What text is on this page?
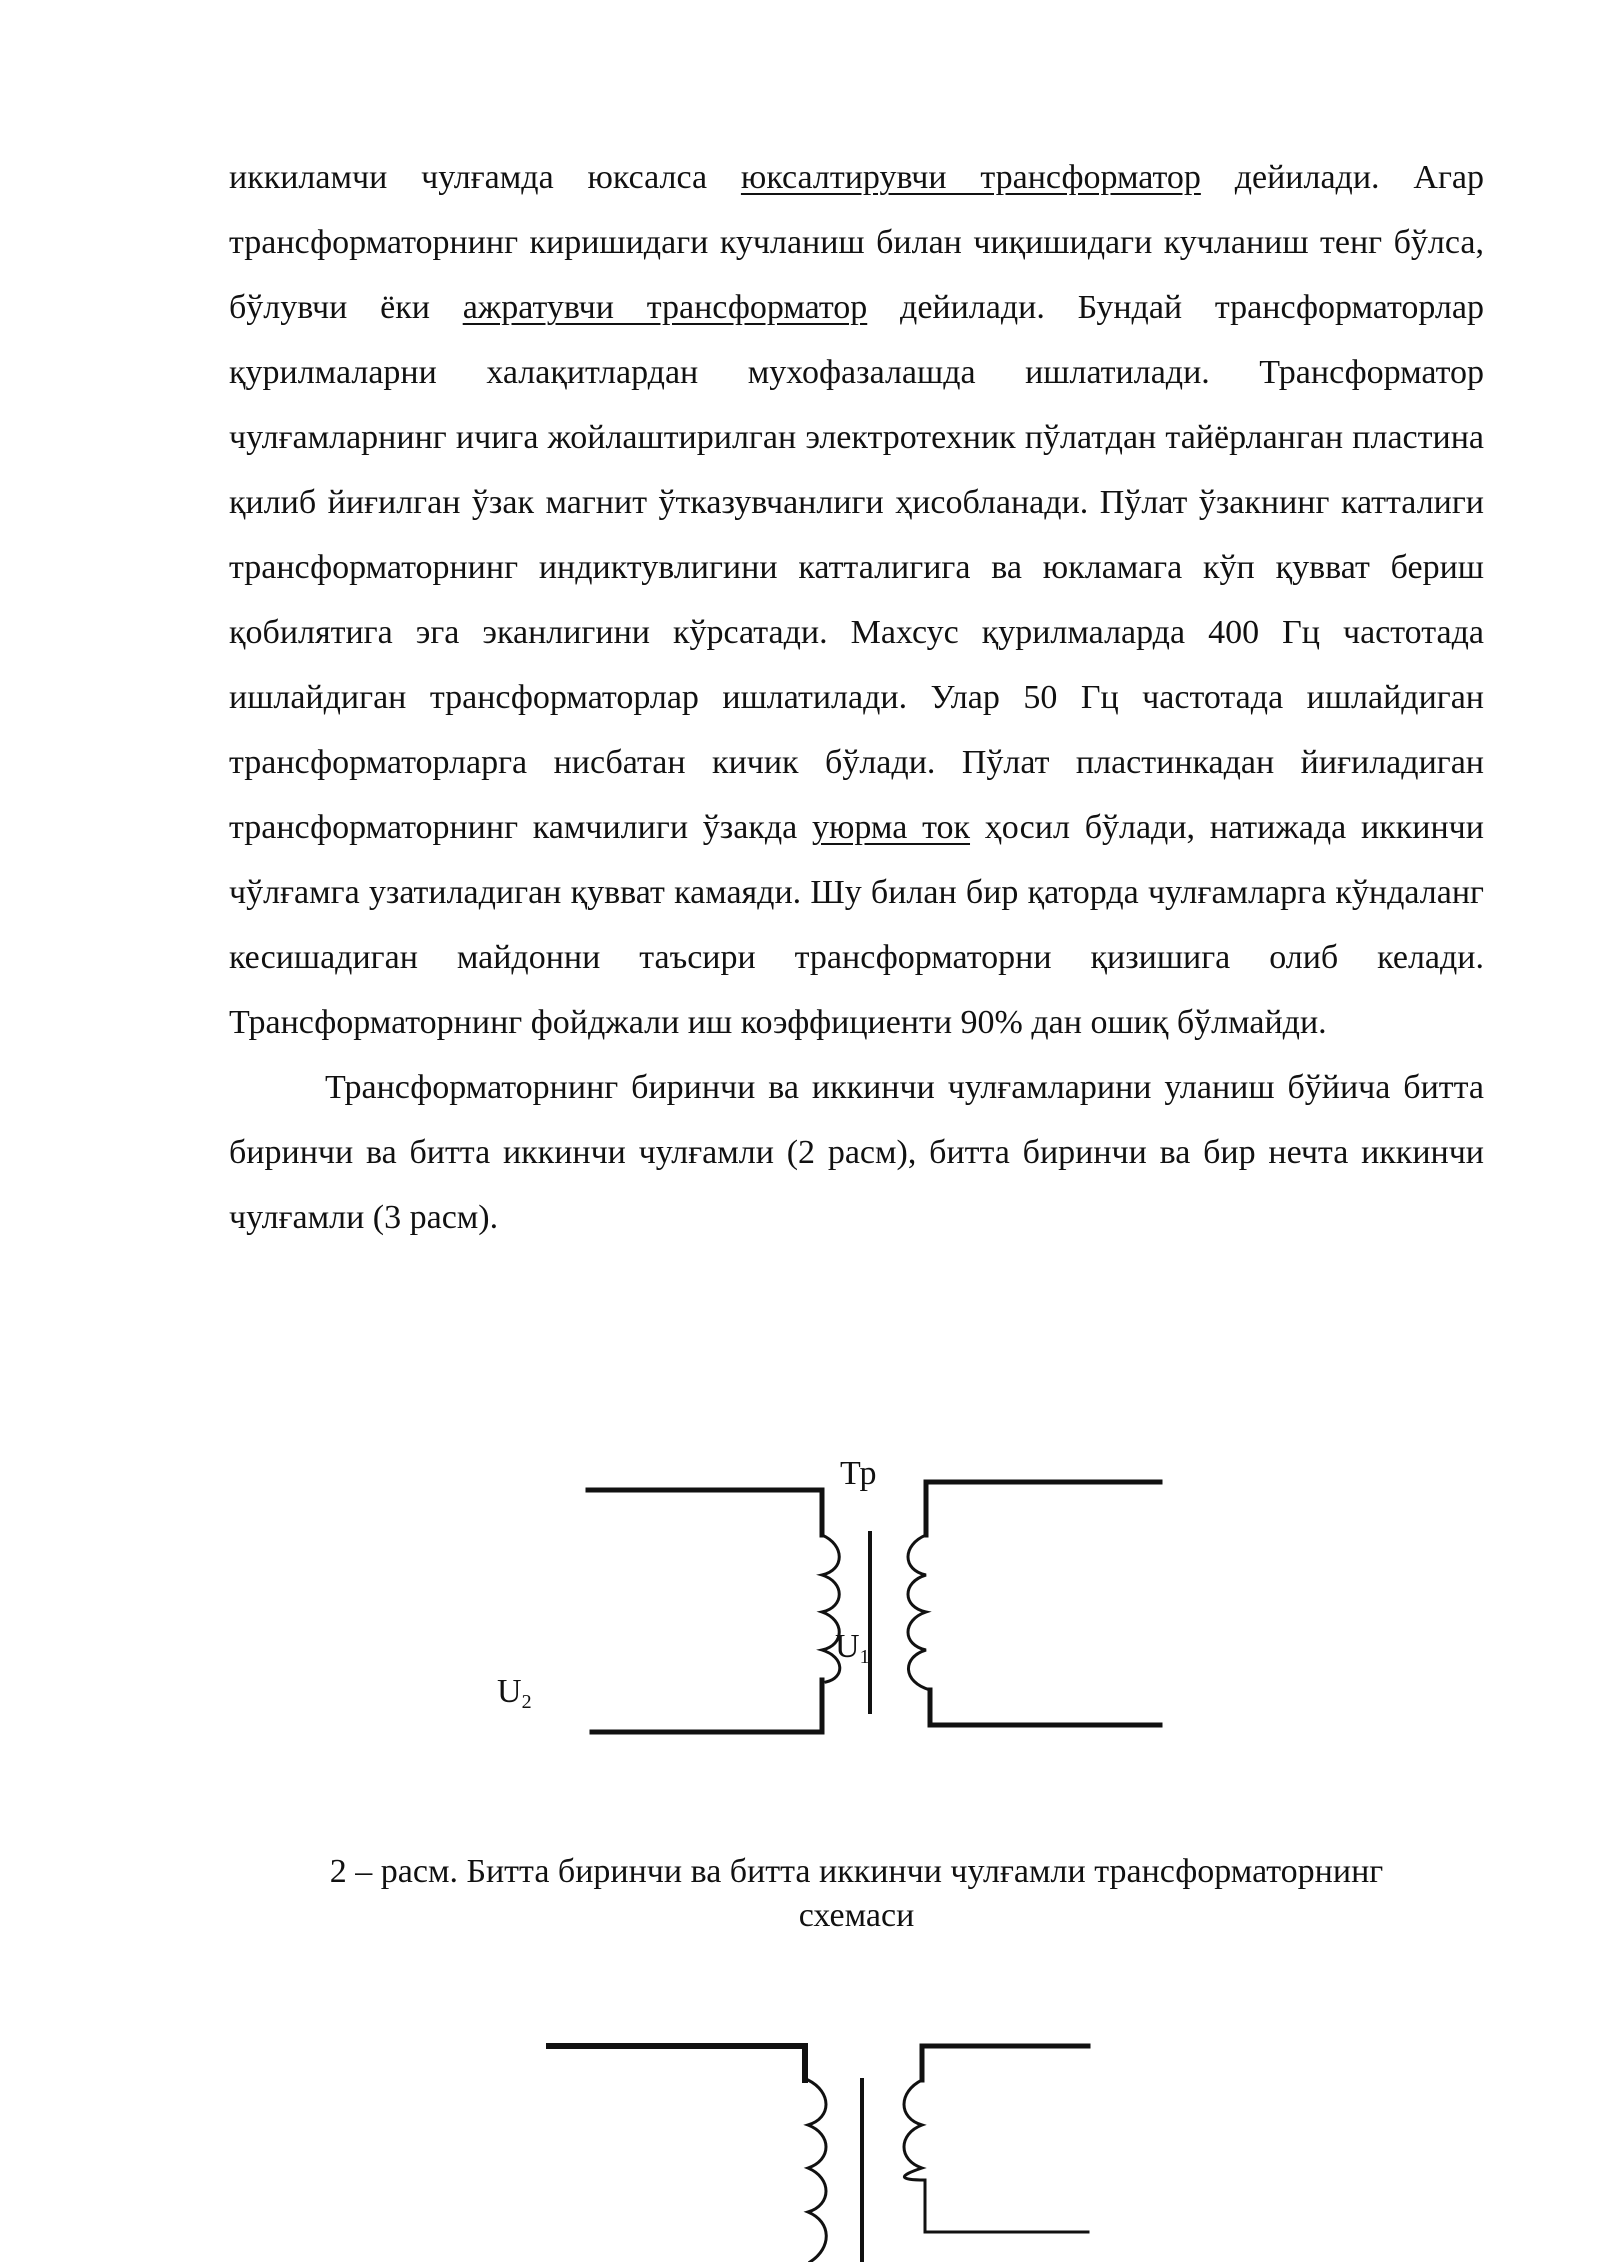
иккиламчи чулғамда юксалса юксалтирувчи трансформатор дейилади. Агар трансформаторнинг киришидаги кучланиш билан чиқишидаги кучланиш тенг бўлса, бўлувчи ёки ажратувчи трансформатор дейилади. Бундай трансформаторлар қурилмаларни халақитлардан мухофазалашда ишлатилади. Трансформатор чулғамларнинг ичига жойлаштирилган электротехник пўлатдан тайёрланган пластина қилиб йиғилган ўзак магнит ўтказувчанлиги ҳисобланади. Пўлат ўзакнинг катталиги трансформаторнинг индиктувлигини катталигига ва юкламага кўп қувват бериш қобилятига эга эканлигини кўрсатади. Махсус қурилмаларда 400 Гц частотада ишлайдиган трансформаторлар ишлатилади. Улар 50 Гц частотада ишлайдиган трансформаторларга нисбатан кичик бўлади. Пўлат пластинкадан йиғиладиган трансформаторнинг камчилиги ўзакда уюрма ток ҳосил бўлади, натижада иккинчи чўлғамга узатиладиган қувват камаяди. Шу билан бир қаторда чулғамларга кўндаланг кесишадиган майдонни таъсири трансформаторни қизишига олиб келади. Трансформаторнинг фойджали иш коэффициенти 90% дан ошиқ бўлмайди.

Трансформаторнинг биринчи ва иккинчи чулғамларини уланиш бўйича битта биринчи ва битта иккинчи чулғамли (2 расм), битта биринчи ва бир нечта иккинчи чулғамли (3 расм).

Тр
$U_1$
$U_2$
2 – расм. Битта биринчи ва битта иккинчи чулғамли трансформаторнинг
схемаси
